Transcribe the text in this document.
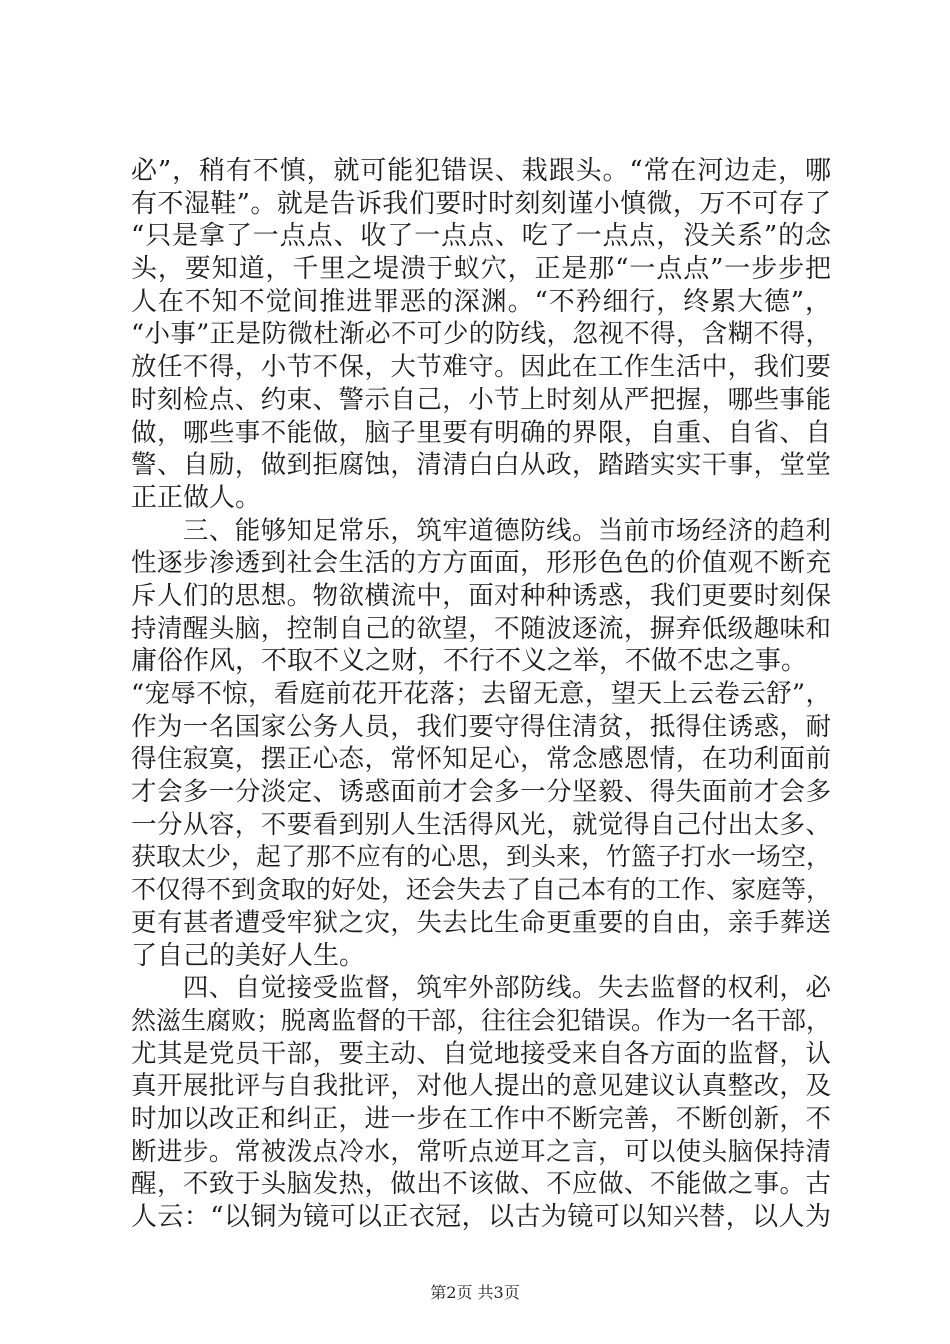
必”，稍有不慎，就可能犯错误、栽跟头。“常在河边走，哪
有不湿鞋”。就是告诉我们要时时刻刻谨小慎微，万不可存了
“只是拿了一点点、收了一点点、吃了一点点，没关系”的念
头，要知道，千里之堤溃于蚁穴，正是那“一点点”一步步把
人在不知不觉间推进罪恶的深渊。“不矜细行，终累大德”，
“小事”正是防微杜渐必不可少的防线，忽视不得，含糊不得，
放任不得，小节不保，大节难守。因此在工作生活中，我们要
时刻检点、约束、警示自己，小节上时刻从严把握，哪些事能
做，哪些事不能做，脑子里要有明确的界限，自重、自省、自
警、自励，做到拒腐蚀，清清白白从政，踏踏实实干事，堂堂
正正做人。
　　三、能够知足常乐，筑牢道德防线。当前市场经济的趋利
性逐步渗透到社会生活的方方面面，形形色色的价值观不断充
斥人们的思想。物欲横流中，面对种种诱惑，我们更要时刻保
持清醒头脑，控制自己的欲望，不随波逐流，摒弃低级趣味和
庸俗作风，不取不义之财，不行不义之举，不做不忠之事。
“宠辱不惊，看庭前花开花落；去留无意，望天上云卷云舒”，
作为一名国家公务人员，我们要守得住清贫，抵得住诱惑，耐
得住寂寞，摆正心态，常怀知足心，常念感恩情，在功利面前
才会多一分淡定、诱惑面前才会多一分坚毅、得失面前才会多
一分从容，不要看到别人生活得风光，就觉得自己付出太多、
获取太少，起了那不应有的心思，到头来，竹篮子打水一场空，
不仅得不到贪取的好处，还会失去了自己本有的工作、家庭等，
更有甚者遭受牢狱之灾，失去比生命更重要的自由，亲手葬送
了自己的美好人生。
　　四、自觉接受监督，筑牢外部防线。失去监督的权利，必
然滋生腐败；脱离监督的干部，往往会犯错误。作为一名干部，
尤其是党员干部，要主动、自觉地接受来自各方面的监督，认
真开展批评与自我批评，对他人提出的意见建议认真整改，及
时加以改正和纠正，进一步在工作中不断完善，不断创新，不
断进步。常被泼点冷水，常听点逆耳之言，可以使头脑保持清
醒，不致于头脑发热，做出不该做、不应做、不能做之事。古
人云：“以铜为镜可以正衣冠，以古为镜可以知兴替，以人为
第2页 共3页
